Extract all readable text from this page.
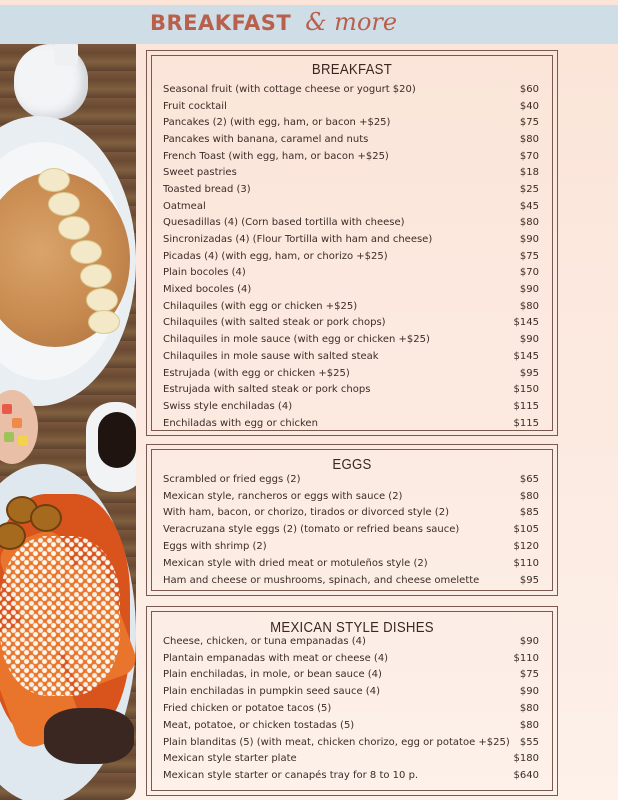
BREAKFAST & more
BREAKFAST
Seasonal fruit (with cottage cheese or yogurt $20)	$60
Fruit cocktail	$40
Pancakes (2) (with egg, ham, or bacon +$25)	$75
Pancakes with banana, caramel and nuts	$80
French Toast (with egg, ham, or bacon +$25)	$70
Sweet pastries	$18
Toasted bread (3)	$25
Oatmeal	$45
Quesadillas (4) (Corn based tortilla with cheese)	$80
Sincronizadas (4) (Flour Tortilla with ham and cheese)	$90
Picadas (4) (with egg, ham, or chorizo +$25)	$75
Plain bocoles (4)	$70
Mixed bocoles (4)	$90
Chilaquiles (with egg or chicken +$25)	$80
Chilaquiles (with salted steak or pork chops)	$145
Chilaquiles in mole sauce (with egg or chicken +$25)	$90
Chilaquiles in mole sause with salted steak	$145
Estrujada (with egg or chicken +$25)	$95
Estrujada with salted steak or pork chops	$150
Swiss style enchiladas (4)	$115
Enchiladas with egg or chicken	$115
EGGS
Scrambled or fried eggs (2)	$65
Mexican style, rancheros or eggs with sauce (2)	$80
With ham, bacon, or chorizo, tirados or divorced style (2)	$85
Veracruzana style eggs (2) (tomato or refried beans sauce)	$105
Eggs with shrimp (2)	$120
Mexican style with dried meat or motuleños style (2)	$110
Ham and cheese or mushrooms, spinach, and cheese omelette	$95
MEXICAN STYLE DISHES
Cheese, chicken, or tuna empanadas (4)	$90
Plantain empanadas with meat or cheese (4)	$110
Plain enchiladas, in mole, or bean sauce (4)	$75
Plain enchiladas in pumpkin seed sauce (4)	$90
Fried chicken or potatoe tacos (5)	$80
Meat, potatoe, or chicken tostadas (5)	$80
Plain blanditas (5) (with meat, chicken chorizo, egg or potatoe +$25) $55
Mexican style starter plate	$180
Mexican style starter or canapés tray for 8 to 10 p.	$640
